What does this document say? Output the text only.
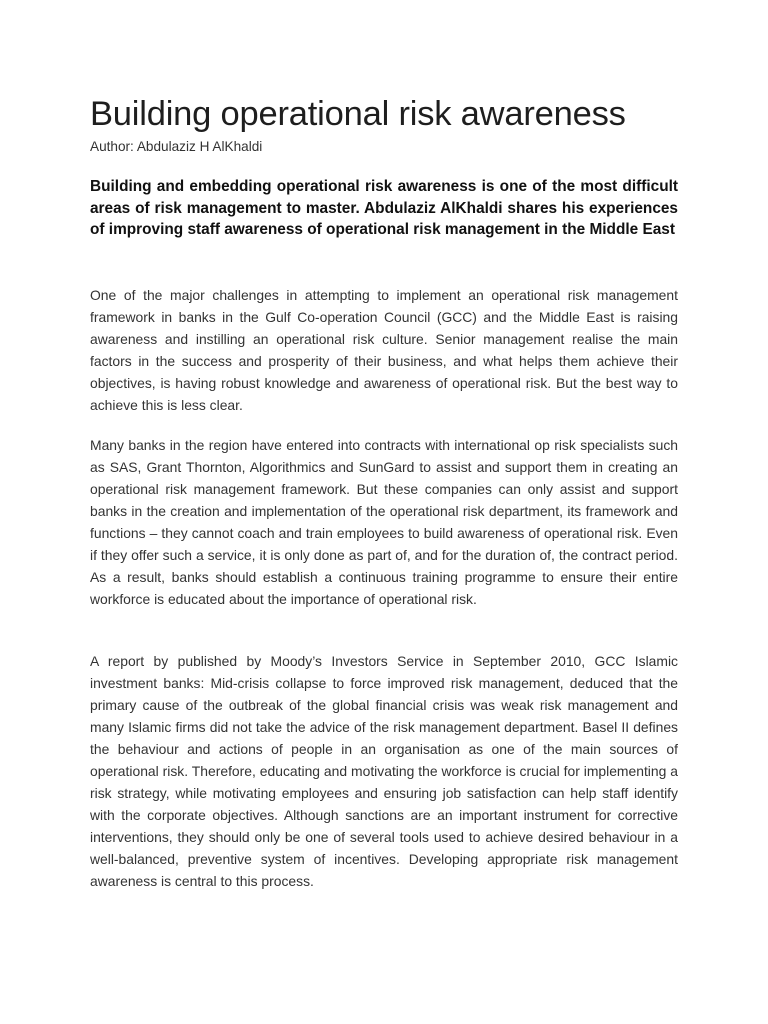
Building operational risk awareness
Author: Abdulaziz H AlKhaldi

Building and embedding operational risk awareness is one of the most difficult areas of risk management to master. Abdulaziz AlKhaldi shares his experiences of improving staff awareness of operational risk management in the Middle East

One of the major challenges in attempting to implement an operational risk management framework in banks in the Gulf Co-operation Council (GCC) and the Middle East is raising awareness and instilling an operational risk culture. Senior management realise the main factors in the success and prosperity of their business, and what helps them achieve their objectives, is having robust knowledge and awareness of operational risk. But the best way to achieve this is less clear.

Many banks in the region have entered into contracts with international op risk specialists such as SAS, Grant Thornton, Algorithmics and SunGard to assist and support them in creating an operational risk management framework. But these companies can only assist and support banks in the creation and implementation of the operational risk department, its framework and functions – they cannot coach and train employees to build awareness of operational risk. Even if they offer such a service, it is only done as part of, and for the duration of, the contract period. As a result, banks should establish a continuous training programme to ensure their entire workforce is educated about the importance of operational risk.

A report by published by Moody’s Investors Service in September 2010, GCC Islamic investment banks: Mid-crisis collapse to force improved risk management, deduced that the primary cause of the outbreak of the global financial crisis was weak risk management and many Islamic firms did not take the advice of the risk management department. Basel II defines the behaviour and actions of people in an organisation as one of the main sources of operational risk. Therefore, educating and motivating the workforce is crucial for implementing a risk strategy, while motivating employees and ensuring job satisfaction can help staff identify with the corporate objectives. Although sanctions are an important instrument for corrective interventions, they should only be one of several tools used to achieve desired behaviour in a well-balanced, preventive system of incentives. Developing appropriate risk management awareness is central to this process.
